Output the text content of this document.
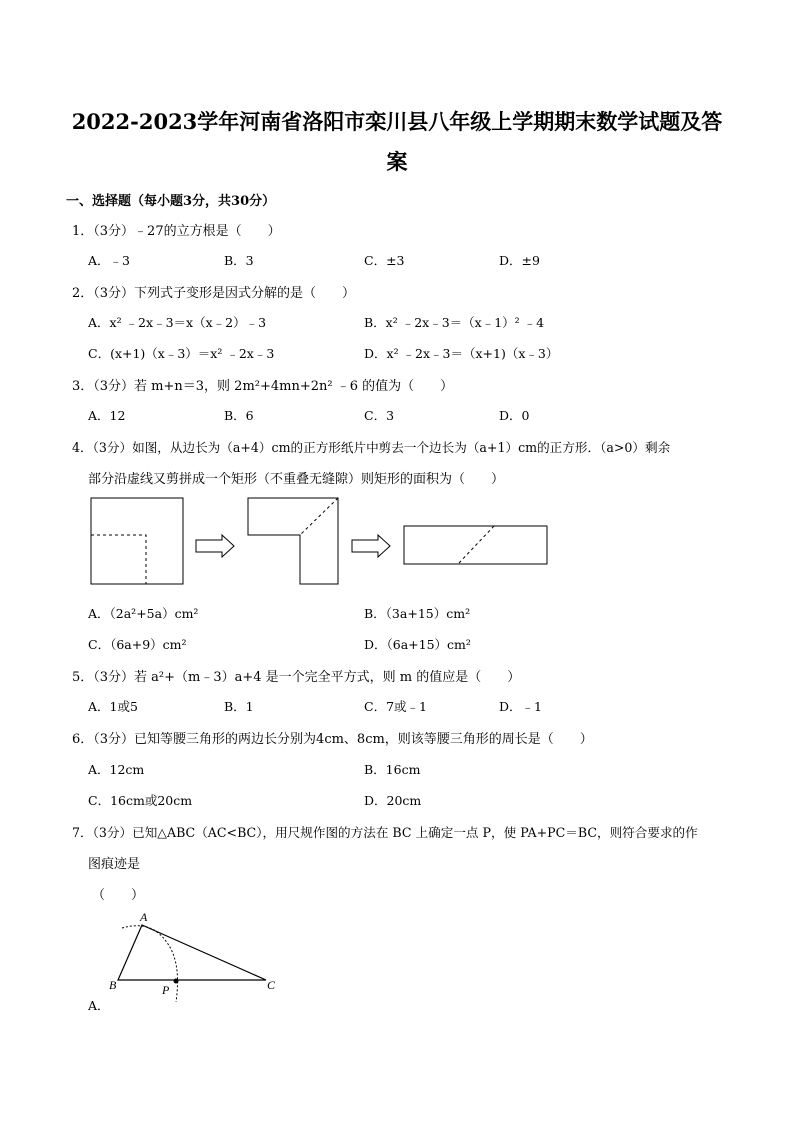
2022-2023学年河南省洛阳市栾川县八年级上学期期末数学试题及答
案
一、选择题（每小题3分，共30分）
1．（3分）﹣27的立方根是（　　）
A．﹣3	B．3	C．±3	D．±9
2．（3分）下列式子变形是因式分解的是（　　）
A．x² ﹣2x﹣3＝x（x﹣2）﹣3	B．x² ﹣2x﹣3＝（x﹣1）² ﹣4
C．(x+1)（x﹣3）＝x² ﹣2x﹣3	D．x² ﹣2x﹣3＝（x+1)（x﹣3）
3．（3分）若 m+n＝3，则 2m²+4mn+2n² ﹣6 的值为（　　）
A．12	B．6	C．3	D．0
4．（3分）如图，从边长为（a+4）cm的正方形纸片中剪去一个边长为（a+1）cm的正方形．（a>0）剩余
部分沿虚线又剪拼成一个矩形（不重叠无缝隙）则矩形的面积为（　　）
A．（2a²+5a）cm²	B．（3a+15）cm²
C．（6a+9）cm²	D．（6a+15）cm²
5．（3分）若 a²+（m﹣3）a+4 是一个完全平方式，则 m 的值应是（　　）
A．1或5	B．1	C．7或﹣1	D．﹣1
6．（3分）已知等腰三角形的两边长分别为4cm、8cm，则该等腰三角形的周长是（　　）
A．12cm	B．16cm
C．16cm或20cm	D．20cm
7．（3分）已知△ABC（AC<BC），用尺规作图的方法在 BC 上确定一点 P，使 PA+PC＝BC，则符合要求的作
图痕迹是
（　　）
A
B	P	C
A．
